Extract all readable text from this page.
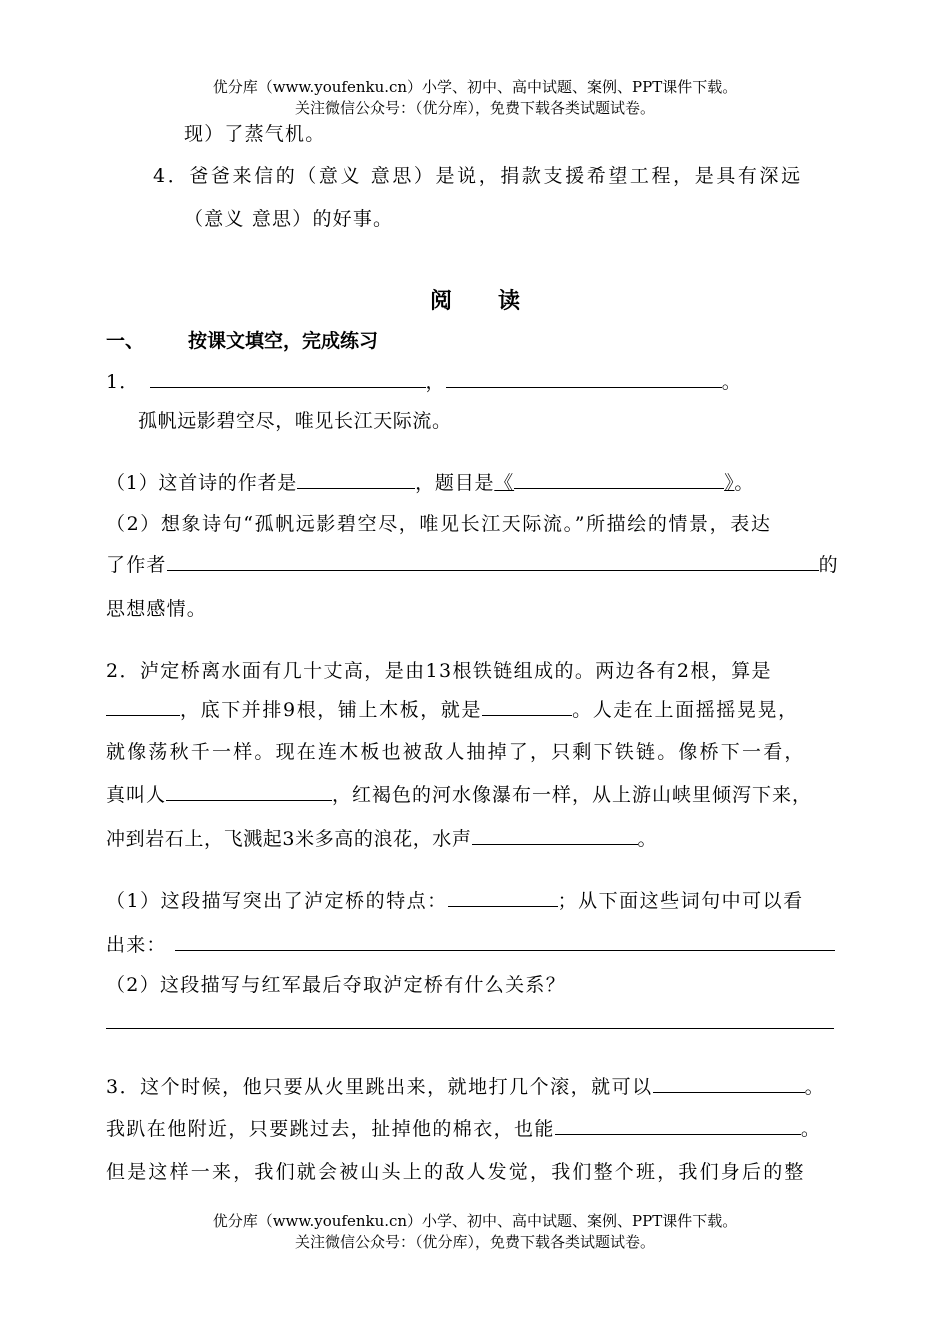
优分库（www.youfenku.cn）小学、初中、高中试题、案例、PPT课件下载。
关注微信公众号：（优分库），免费下载各类试题试卷。
现）了蒸气机。
4．爸爸来信的（意义 意思）是说，捐款支援希望工程，是具有深远
（意义 意思）的好事。
阅 读
一、 按课文填空，完成练习
1．	，	。
孤帆远影碧空尽，唯见长江天际流。
（1）这首诗的作者是	，题目是《	》。
（2）想象诗句“孤帆远影碧空尽，唯见长江天际流。”所描绘的情景，表达
了作者	的
思想感情。
2．泸定桥离水面有几十丈高，是由13根铁链组成的。两边各有2根，算是
，底下并排9根，铺上木板，就是	。人走在上面摇摇晃晃，
就像荡秋千一样。现在连木板也被敌人抽掉了，只剩下铁链。像桥下一看，
真叫人	，红褐色的河水像瀑布一样，从上游山峡里倾泻下来，
冲到岩石上，飞溅起3米多高的浪花，水声	。
（1）这段描写突出了泸定桥的特点：	；从下面这些词句中可以看
出来：
（2）这段描写与红军最后夺取泸定桥有什么关系？
3．这个时候，他只要从火里跳出来，就地打几个滚，就可以	。
我趴在他附近，只要跳过去，扯掉他的棉衣，也能	。
但是这样一来，我们就会被山头上的敌人发觉，我们整个班，我们身后的整
优分库（www.youfenku.cn）小学、初中、高中试题、案例、PPT课件下载。
关注微信公众号：（优分库），免费下载各类试题试卷。
